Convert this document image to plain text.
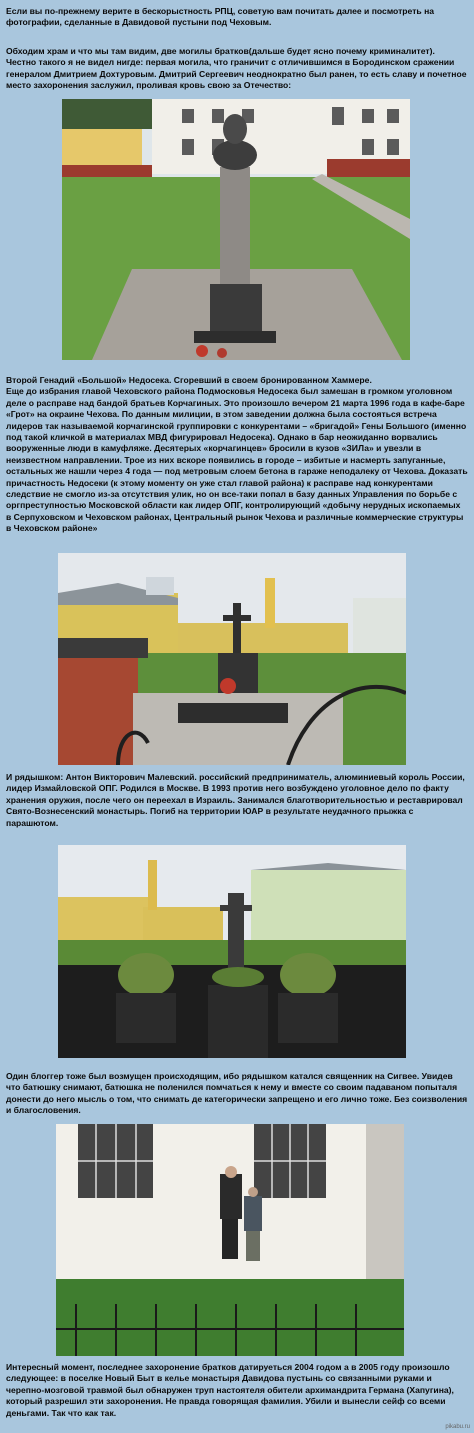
Если вы по-прежнему верите в бескорыстность РПЦ, советую вам почитать далее и посмотреть на фотографии, сделанные в Давидовой пустыни под Чеховым.
Обходим храм и что мы там видим, две могилы братков(дальше будет ясно почему криминалитет).
Честно такого я не видел нигде: первая могила, что граничит с отличившимся в Бородинском сражении генералом Дмитрием Дохтуровым. Дмитрий Сергеевич неоднократно был ранен, то есть славу и почетное место захоронения заслужил, проливая кровь свою за Отечество:
Второй Генадий «Большой» Недосека. Сгоревший в своем бронированном Хаммере.
Еще до избрания главой Чеховского района Подмосковья Недосека был замешан в громком уголовном деле о расправе над бандой братьев Корчагиных. Это произошло вечером 21 марта 1996 года в кафе-баре «Грот» на окраине Чехова. По данным милиции, в этом заведении должна была состояться встреча лидеров так называемой корчагинской группировки с конкурентами – «бригадой» Гены Большого (именно под такой кличкой в материалах МВД фигурировал Недосека). Однако в бар неожиданно ворвались вооруженные люди в камуфляже. Десятерых «корчагинцев» бросили в кузов «ЗИЛа» и увезли в неизвестном направлении. Трое из них вскоре появились в городе – избитые и насмерть запуганные, остальных же нашли через 4 года — под метровым слоем бетона в гараже неподалеку от Чехова. Доказать причастность Недосеки (к этому моменту он уже стал главой района) к расправе над конкурентами следствие не смогло из-за отсутствия улик, но он все-таки попал в базу данных Управления по борьбе с оргпреступностью Московской области как лидер ОПГ, контролирующий «добычу нерудных ископаемых в Серпуховском и Чеховском районах, Центральный рынок Чехова и различные коммерческие структуры в Чеховском районе»
И рядышком: Антон Викторович Малевский. российский предприниматель, алюминиевый король России, лидер Измайловской ОПГ. Родился в Москве. В 1993 против него возбуждено уголовное дело по факту хранения оружия, после чего он переехал в Израиль. Занимался благотворительностью и реставрировал Свято-Вознесенский монастырь. Погиб на территории ЮАР в результате неудачного прыжка с парашютом.
Один блоггер тоже был возмущен происходящим, ибо рядышком катался священник на Сигвее. Увидев что батюшку снимают, батюшка не поленился помчаться к нему и вместе со своим падаваном попыталя донести до него мысль о том, что снимать де категорически запрещено и его лично тоже. Без соизволения и благословения.
Интересный момент, последнее захоронение братков датируеться 2004 годом а в 2005 году произошло следующее: в поселке Новый Быт в келье монастыря Давидова пустынь со связанными руками и черепно-мозговой травмой был обнаружен труп настоятеля обители архимандрита Германа (Хапугина), который разрешил эти захоронения. Не правда говорящая фамилия. Убили и вынесли сейф со всеми деньгами. Так что как так.
pikabu.ru
